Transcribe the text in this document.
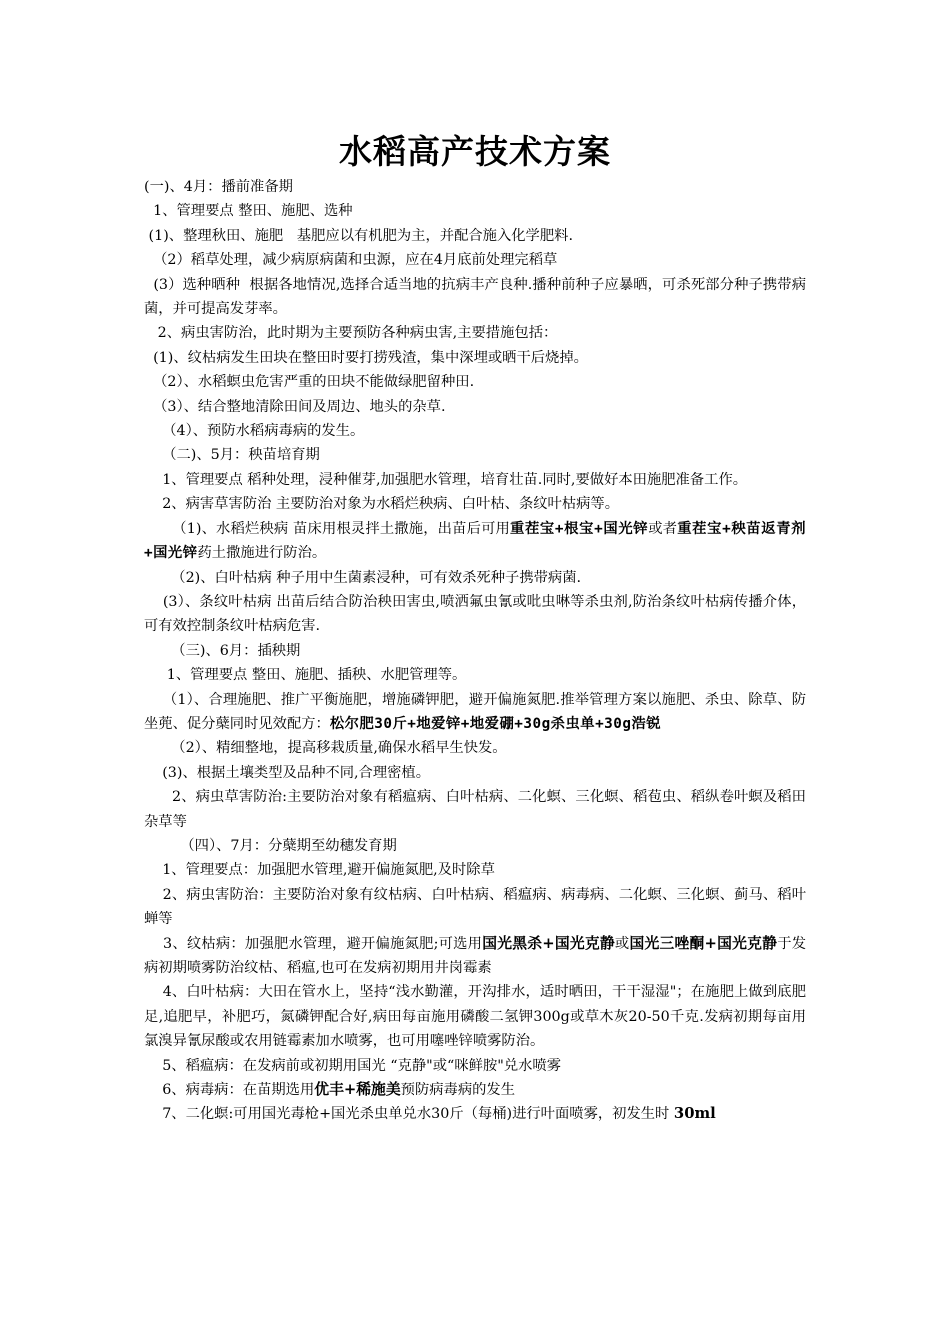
水稻高产技术方案

(一)、4月：播前准备期

1、管理要点 整田、施肥、选种

(1)、整理秋田、施肥   基肥应以有机肥为主，并配合施入化学肥料.

（2）稻草处理，减少病原病菌和虫源，应在4月底前处理完稻草

(3）选种晒种  根据各地情况,选择合适当地的抗病丰产良种.播种前种子应暴晒，可杀死部分种子携带病菌，并可提高发芽率。

2、病虫害防治，此时期为主要预防各种病虫害,主要措施包括：

(1)、纹枯病发生田块在整田时要打捞残渣，集中深埋或晒干后烧掉。

（2）、水稻螟虫危害严重的田块不能做绿肥留种田.

（3）、结合整地清除田间及周边、地头的杂草.

（4）、预防水稻病毒病的发生。

（二)、5月：秧苗培育期

1、管理要点 稻种处理，浸种催芽,加强肥水管理，培育壮苗.同时,要做好本田施肥准备工作。

2、病害草害防治 主要防治对象为水稻烂秧病、白叶枯、条纹叶枯病等。

（1)、水稻烂秧病 苗床用根灵拌土撒施，出苗后可用重茬宝+根宝+国光锌或者重茬宝+秧苗返青剂+国光锌药土撒施进行防治。

（2)、白叶枯病 种子用中生菌素浸种，可有效杀死种子携带病菌.

(3）、条纹叶枯病 出苗后结合防治秧田害虫,喷洒氟虫氰或吡虫啉等杀虫剂,防治条纹叶枯病传播介体，可有效控制条纹叶枯病危害.

（三)、6月：插秧期

1、管理要点 整田、施肥、插秧、水肥管理等。

（1）、合理施肥、推广平衡施肥，增施磷钾肥，避开偏施氮肥.推举管理方案以施肥、杀虫、除草、防坐蔸、促分蘖同时见效配方：松尔肥30斤+地爱锌+地爱硼+30g杀虫单+30g浩锐

（2）、精细整地，提高移栽质量,确保水稻早生快发。

(3)、根据土壤类型及品种不同,合理密植。

2、病虫草害防治:主要防治对象有稻瘟病、白叶枯病、二化螟、三化螟、稻苞虫、稻纵卷叶螟及稻田杂草等

（四）、7月：分蘖期至幼穗发育期

1、管理要点：加强肥水管理,避开偏施氮肥,及时除草

2、病虫害防治：主要防治对象有纹枯病、白叶枯病、稻瘟病、病毒病、二化螟、三化螟、蓟马、稻叶蝉等

3、纹枯病：加强肥水管理，避开偏施氮肥;可选用国光黑杀+国光克静或国光三唑酮+国光克静于发病初期喷雾防治纹枯、稻瘟,也可在发病初期用井岗霉素

4、白叶枯病：大田在管水上，坚持“浅水勤灌，开沟排水，适时晒田，干干湿湿"；在施肥上做到底肥足,追肥早，补肥巧，氮磷钾配合好,病田每亩施用磷酸二氢钾300g或草木灰20-50千克.发病初期每亩用氯溴异氰尿酸或农用链霉素加水喷雾，也可用噻唑锌喷雾防治。

5、稻瘟病：在发病前或初期用国光 “克静"或“咪鲜胺"兑水喷雾

6、病毒病：在苗期选用优丰+稀施美预防病毒病的发生

7、二化螟:可用国光毒枪+国光杀虫单兑水30斤（每桶)进行叶面喷雾，初发生时 30ml
